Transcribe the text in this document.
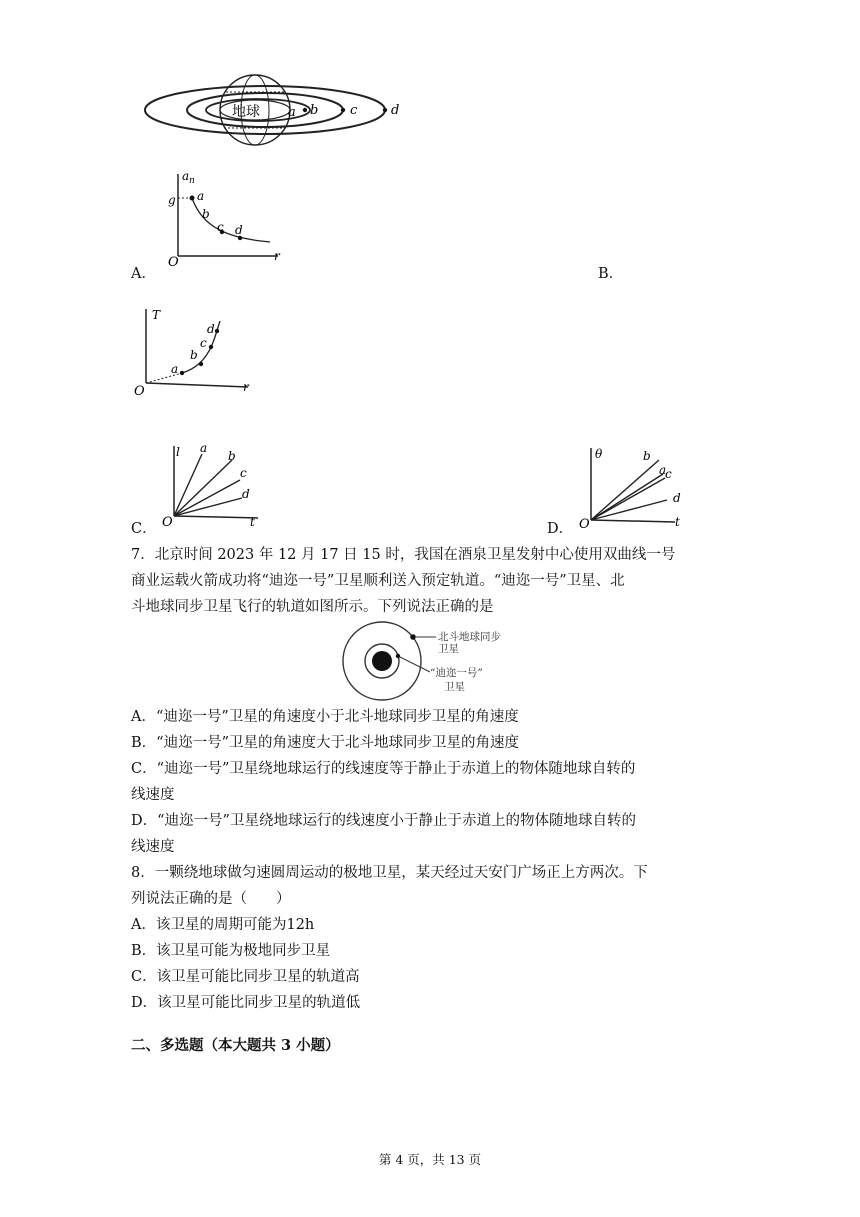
地球 a b c	d
a n
g a
b
c d
O	r
A．	B．
T
a
b
c
d
O	r
l a
b
c
d
O	t
C．
θ	b
a
c
d
O	t
D．
7．北京时间 2023 年 12 月 17 日 15 时，我国在酒泉卫星发射中心使用双曲线一号
商业运载火箭成功将“迪迩一号”卫星顺利送入预定轨道。“迪迩一号”卫星、北
斗地球同步卫星飞行的轨道如图所示。下列说法正确的是
北斗地球同步
卫星
“迪迩一号”
卫星
A．“迪迩一号”卫星的角速度小于北斗地球同步卫星的角速度
B．“迪迩一号”卫星的角速度大于北斗地球同步卫星的角速度
C．“迪迩一号”卫星绕地球运行的线速度等于静止于赤道上的物体随地球自转的
线速度
D．“迪迩一号”卫星绕地球运行的线速度小于静止于赤道上的物体随地球自转的
线速度
8．一颗绕地球做匀速圆周运动的极地卫星，某天经过天安门广场正上方两次。下
列说法正确的是（　　）
A．该卫星的周期可能为12h
B．该卫星可能为极地同步卫星
C．该卫星可能比同步卫星的轨道高
D．该卫星可能比同步卫星的轨道低
二、多选题（本大题共 3 小题）
第 4 页，共 13 页
